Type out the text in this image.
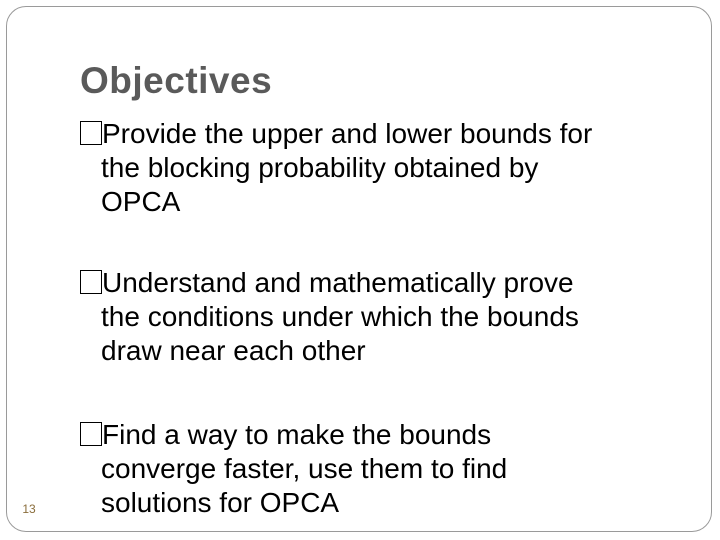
Objectives
Provide the upper and lower bounds for
the blocking probability obtained by
OPCA
Understand and mathematically prove
the conditions under which the bounds
draw near each other
Find a way to make the bounds
converge faster, use them to find
solutions for OPCA
13
